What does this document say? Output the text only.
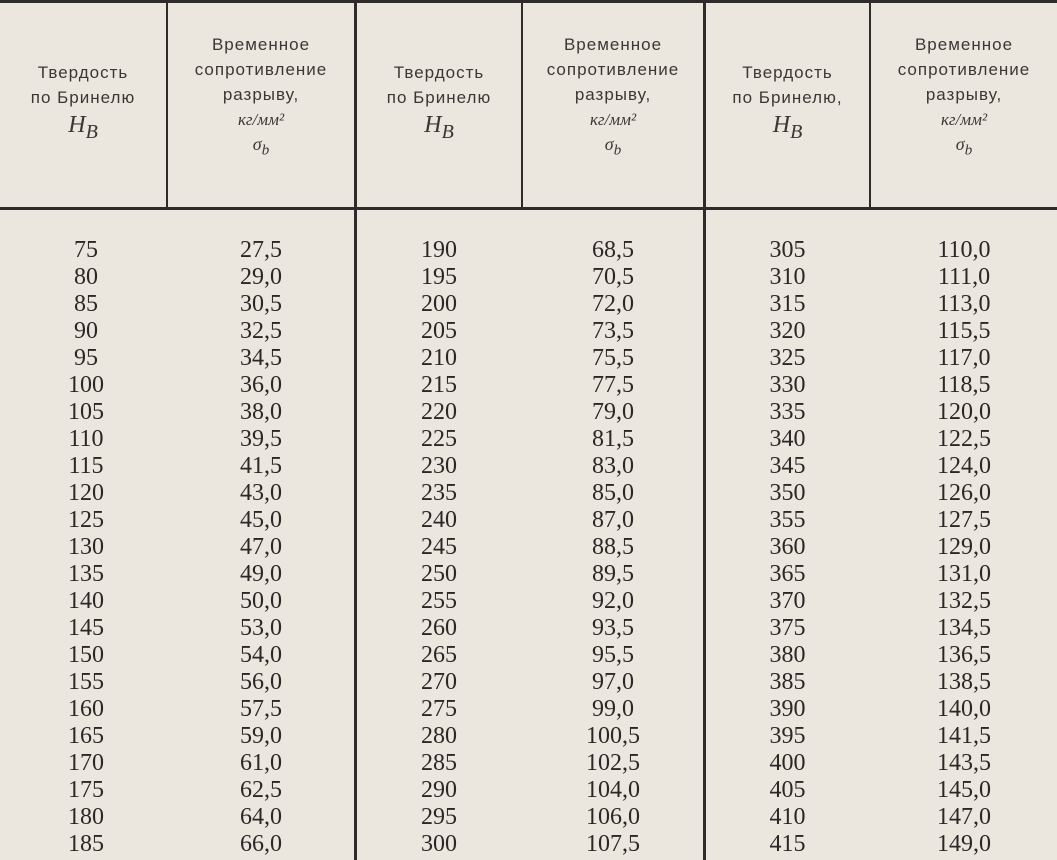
Твердость
по Бринелю
$H_B$
Временное
сопротивление
разрыву,
кг/мм²
$\sigma_b$
Твердость
по Бринелю
$H_B$
Временное
сопротивление
разрыву,
кг/мм²
$\sigma_b$
Твердость
по Бринелю,
$H_B$
Временное
сопротивление
разрыву,
кг/мм²
$\sigma_b$
75
80
85
90
95
100
105
110
115
120
125
130
135
140
145
150
155
160
165
170
175
180
185
27,5
29,0
30,5
32,5
34,5
36,0
38,0
39,5
41,5
43,0
45,0
47,0
49,0
50,0
53,0
54,0
56,0
57,5
59,0
61,0
62,5
64,0
66,0
190
195
200
205
210
215
220
225
230
235
240
245
250
255
260
265
270
275
280
285
290
295
300
68,5
70,5
72,0
73,5
75,5
77,5
79,0
81,5
83,0
85,0
87,0
88,5
89,5
92,0
93,5
95,5
97,0
99,0
100,5
102,5
104,0
106,0
107,5
305
310
315
320
325
330
335
340
345
350
355
360
365
370
375
380
385
390
395
400
405
410
415
110,0
111,0
113,0
115,5
117,0
118,5
120,0
122,5
124,0
126,0
127,5
129,0
131,0
132,5
134,5
136,5
138,5
140,0
141,5
143,5
145,0
147,0
149,0
